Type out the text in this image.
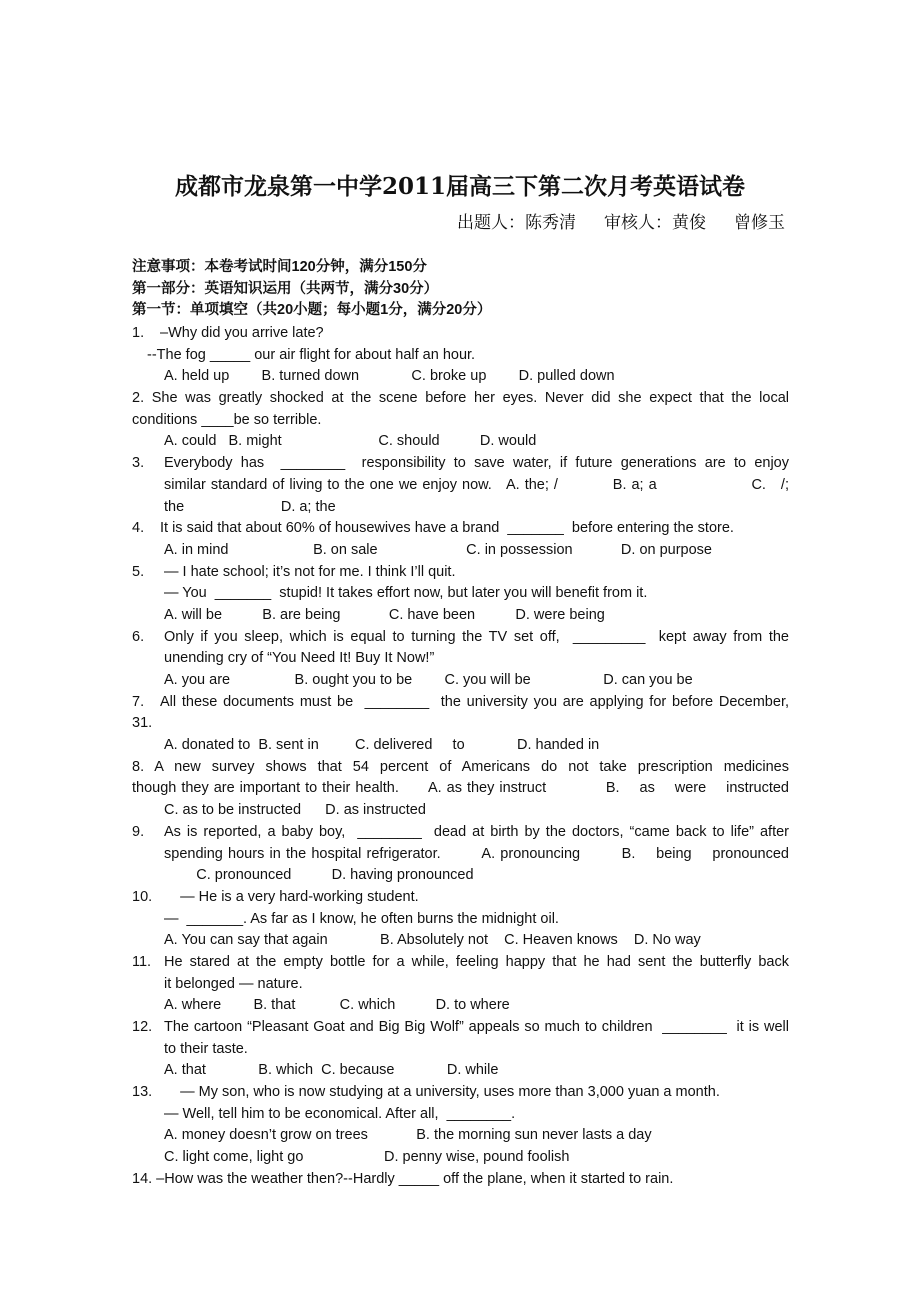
成都市龙泉第一中学2011届高三下第二次月考英语试卷
出题人：陈秀清 审核人：黄俊 曾修玉
注意事项：本卷考试时间120分钟，满分150分
第一部分：英语知识运用（共两节，满分30分）
第一节：单项填空（共20小题；每小题1分，满分20分）
1. –Why did you arrive late?
--The fog _____ our air flight for about half an hour.
A. held up        B. turned down             C. broke up        D. pulled down
2. She was greatly shocked at the scene before her eyes. Never did she expect that the local
conditions ____be so terrible.
A. could   B. might                        C. should          D. would
3. Everybody has  ________  responsibility to save water, if future generations are to enjoy
similar standard of living to the one we enjoy now.   A. the; /           B. a; a                   C.   /;
the                        D. a; the
4. It is said that about 60% of housewives have a brand  _______  before entering the store.
A. in mind                     B. on sale                      C. in possession            D. on purpose
5. — I hate school; it’s not for me. I think I’ll quit.
— You  _______  stupid! It takes effort now, but later you will benefit from it.
A. will be          B. are being            C. have been          D. were being
6. Only if you sleep, which is equal to turning the TV set off,  _________  kept away from the
unending cry of “You Need It! Buy It Now!”
A. you are                B. ought you to be        C. you will be                  D. can you be
7. All these documents must be  ________  the university you are applying for before December,
31.
A. donated to  B. sent in         C. delivered     to             D. handed in
8. A new survey shows that 54 percent of Americans do not take prescription medicines
though they are important to their health.      A. as they instruct            B.    as    were    instructed
C. as to be instructed      D. as instructed
9. As is reported, a baby boy,  ________  dead at birth by the doctors, “came back to life” after
spending hours in the hospital refrigerator.        A. pronouncing        B.    being    pronounced
C. pronounced          D. having pronounced
10. — He is a very hard-working student.
—  _______. As far as I know, he often burns the midnight oil.
A. You can say that again             B. Absolutely not    C. Heaven knows    D. No way
11. He stared at the empty bottle for a while, feeling happy that he had sent the butterfly back
it belonged — nature.
A. where        B. that           C. which          D. to where
12. The cartoon “Pleasant Goat and Big Big Wolf” appeals so much to children  ________  it is well
to their taste.
A. that             B. which  C. because             D. while
13. — My son, who is now studying at a university, uses more than 3,000 yuan a month.
— Well, tell him to be economical. After all,  ________.
A. money doesn’t grow on trees            B. the morning sun never lasts a day
C. light come, light go                    D. penny wise, pound foolish
14. –How was the weather then?--Hardly _____ off the plane, when it started to rain.
